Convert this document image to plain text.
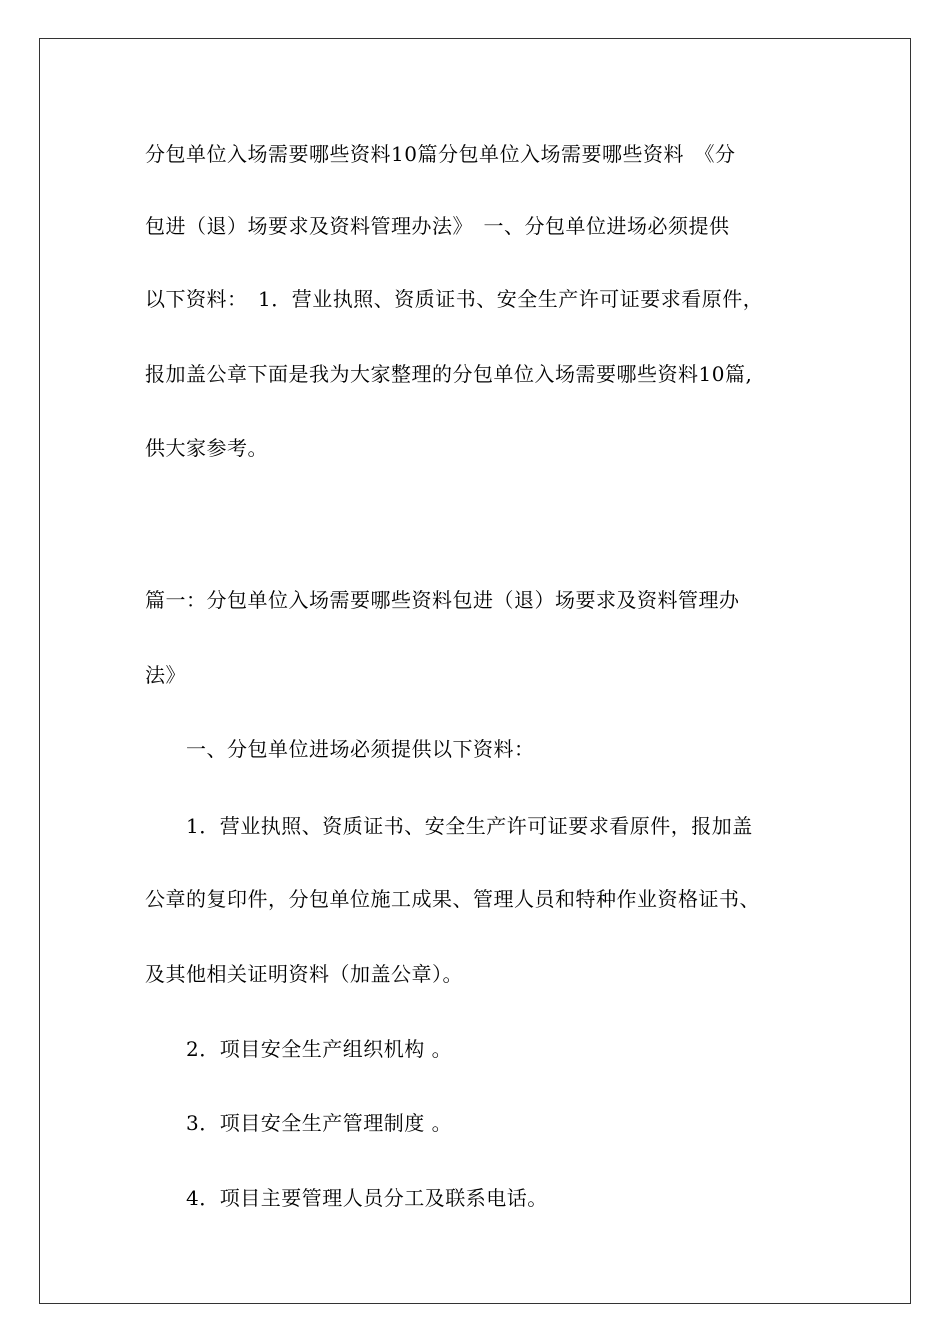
分包单位入场需要哪些资料10篇分包单位入场需要哪些资料　《分
包进（退）场要求及资料管理办法》　一、分包单位进场必须提供
以下资料：　1．营业执照、资质证书、安全生产许可证要求看原件，
报加盖公章下面是我为大家整理的分包单位入场需要哪些资料10篇,
供大家参考。
篇一：分包单位入场需要哪些资料包进（退）场要求及资料管理办
法》
一、分包单位进场必须提供以下资料：
1．营业执照、资质证书、安全生产许可证要求看原件，报加盖
公章的复印件，分包单位施工成果、管理人员和特种作业资格证书、
及其他相关证明资料（加盖公章）。
2．项目安全生产组织机构 。
3．项目安全生产管理制度 。
4．项目主要管理人员分工及联系电话。
